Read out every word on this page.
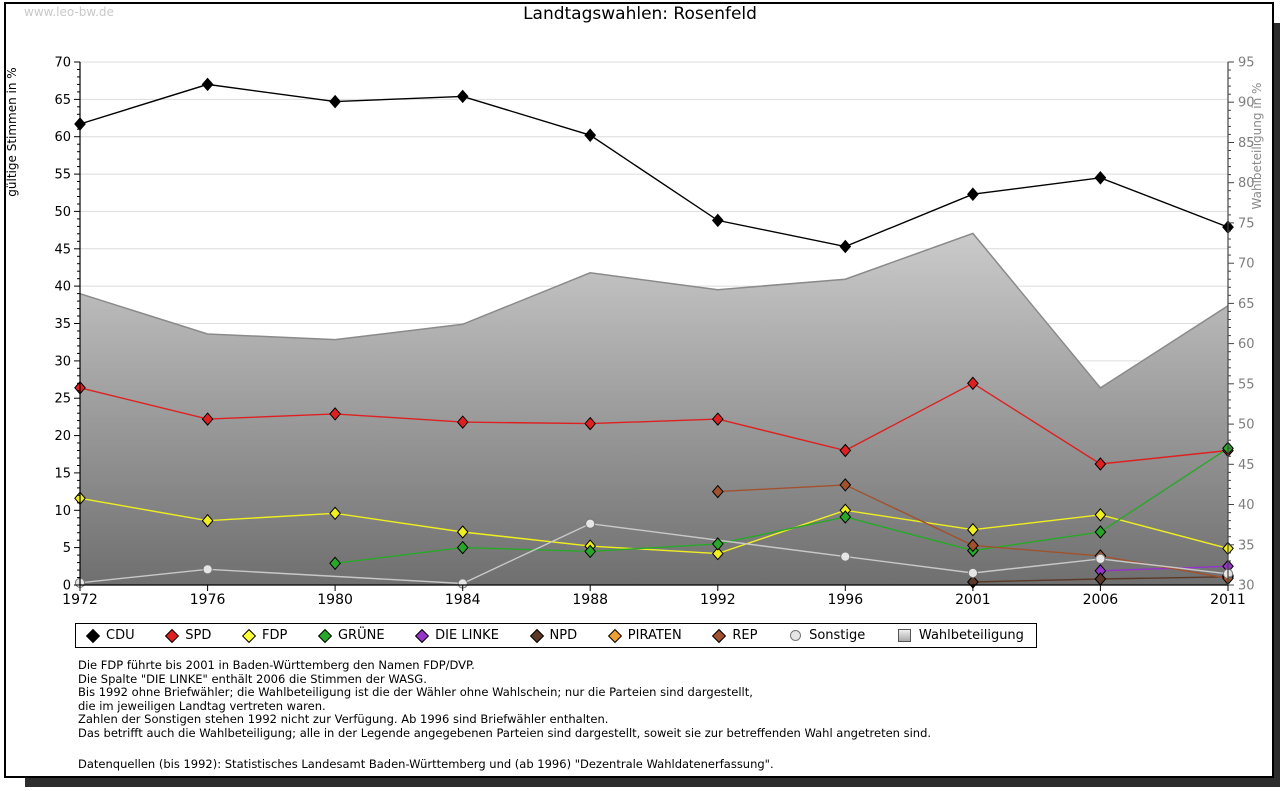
www.leo-bw.de	Landtagswahlen: Rosenfeld
0
5
10
15
20
25
30
35
40
45
50
55
60
65
70
30
35
40
45
50
55
60
65
70
75
80
85
90
95
1972	1976	1980	1984	1988	1992	1996	2001	2006	2011
gültige Stimmen in %	Wahlbeteiligung in %
CDU	SPD	FDP	GRÜNE	DIE LINKE	NPD	PIRATEN	REP	Sonstige	Wahlbeteiligung
Die FDP führte bis 2001 in Baden-Württemberg den Namen FDP/DVP.
Die Spalte "DIE LINKE" enthält 2006 die Stimmen der WASG.
Bis 1992 ohne Briefwähler; die Wahlbeteiligung ist die der Wähler ohne Wahlschein; nur die Parteien sind dargestellt,
die im jeweiligen Landtag vertreten waren.
Zahlen der Sonstigen stehen 1992 nicht zur Verfügung. Ab 1996 sind Briefwähler enthalten.
Das betrifft auch die Wahlbeteiligung; alle in der Legende angegebenen Parteien sind dargestellt, soweit sie zur betreffenden Wahl angetreten sind.
Datenquellen (bis 1992): Statistisches Landesamt Baden-Württemberg und (ab 1996) "Dezentrale Wahldatenerfassung".
